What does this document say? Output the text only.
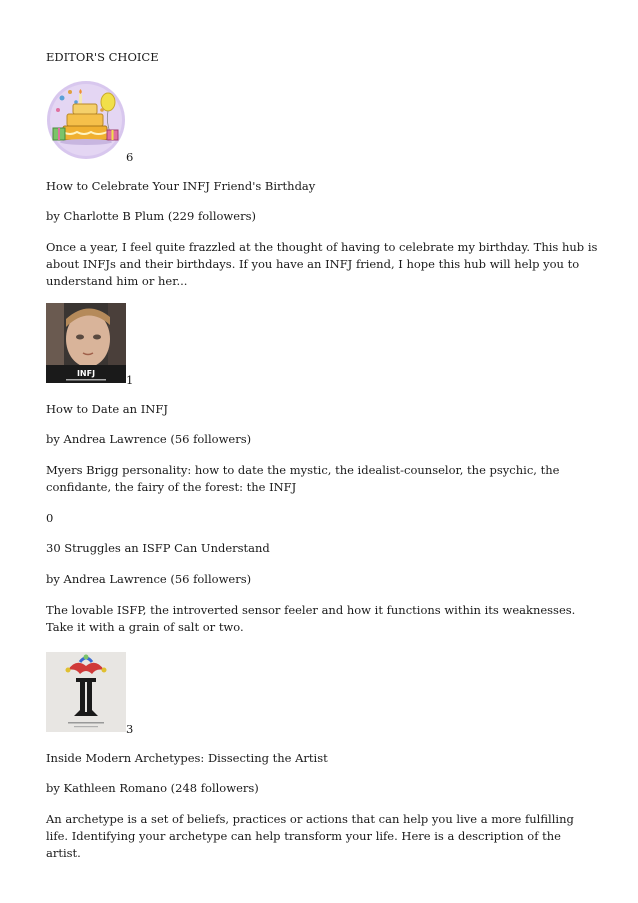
EDITOR'S CHOICE
6
How to Celebrate Your INFJ Friend's Birthday
by Charlotte B Plum (229 followers)
Once a year, I feel quite frazzled at the thought of having to celebrate my birthday. This hub is about INFJs and their birthdays. If you have an INFJ friend, I hope this hub will help you to understand him or her...
INFJ	1
How to Date an INFJ
by Andrea Lawrence (56 followers)
Myers Brigg personality: how to date the mystic, the idealist-counselor, the psychic, the confidante, the fairy of the forest: the INFJ
0
30 Struggles an ISFP Can Understand
by Andrea Lawrence (56 followers)
The lovable ISFP, the introverted sensor feeler and how it functions within its weaknesses. Take it with a grain of salt or two.
3
Inside Modern Archetypes: Dissecting the Artist
by Kathleen Romano (248 followers)
An archetype is a set of beliefs, practices or actions that can help you live a more fulfilling life. Identifying your archetype can help transform your life. Here is a description of the artist.
